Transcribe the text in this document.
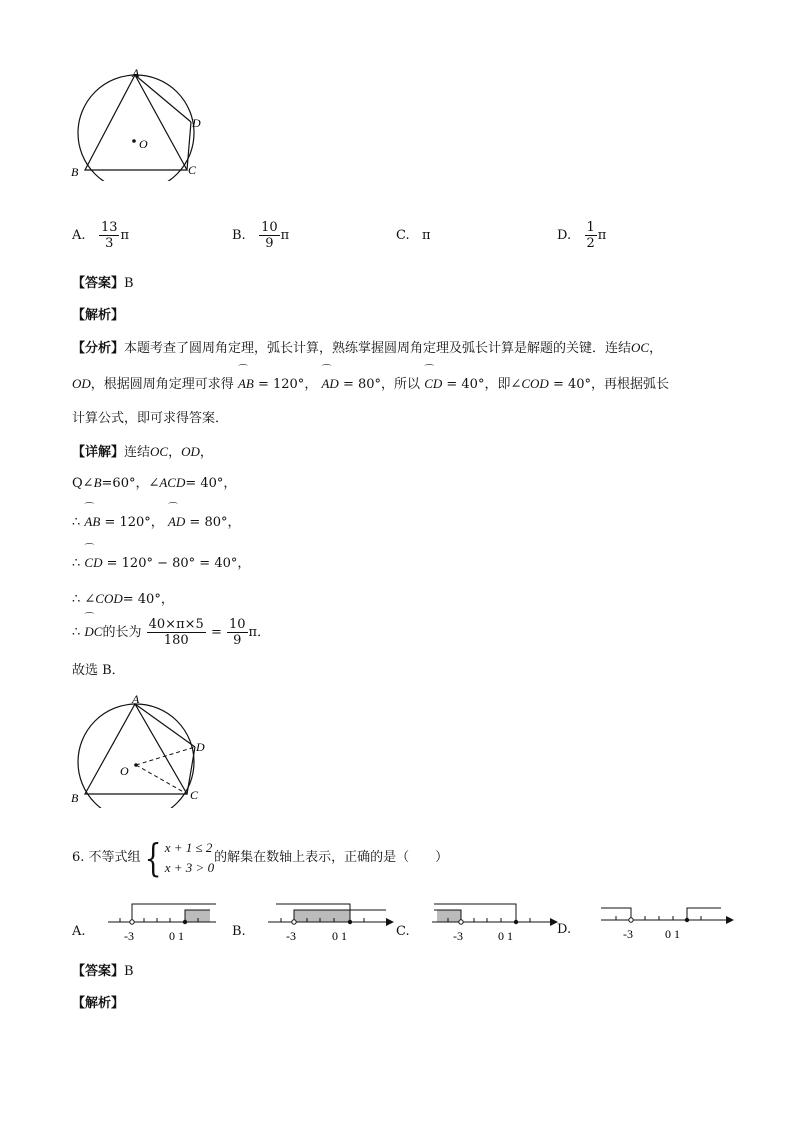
A
B	C
D
O
A.
$\frac{13}{3}$ π	B.
$\frac{10}{9}$ π	C.
π	D.
$\frac{1}{2}$ π
【答案】B
【解析】
【分析】本题考查了圆周角定理，弧长计算，熟练掌握圆周角定理及弧长计算是解题的关键．连结OC，
OD，根据圆周角定理可求得
⌒
AB = 120°，
⌒
AD = 80°，所以
⌒
CD = 40°，即∠COD = 40°，再根据弧长
计算公式，即可求得答案．
【详解】连结OC，OD，
Q∠B=60°，∠ACD= 40°，
∴
⌒
AB = 120°，
⌒
AD = 80°，
∴
⌒
CD = 120° − 80° = 40°，
∴ ∠COD= 40°，
∴

⌒
DC 的长为
$\frac{40\times\pi\times 5}{180}$
=
$\frac{10}{9}$ π．
故选 B．
A
B	C
D
O
6.
不等式组 { x + 1 ≤ 2
x + 3 > 0
的解集在数轴上表示，正确的是（　　）
A.	-3	0 1	B.	-3	0 1	C.	-3	0 1	D.	-3	0 1
【答案】B
【解析】
